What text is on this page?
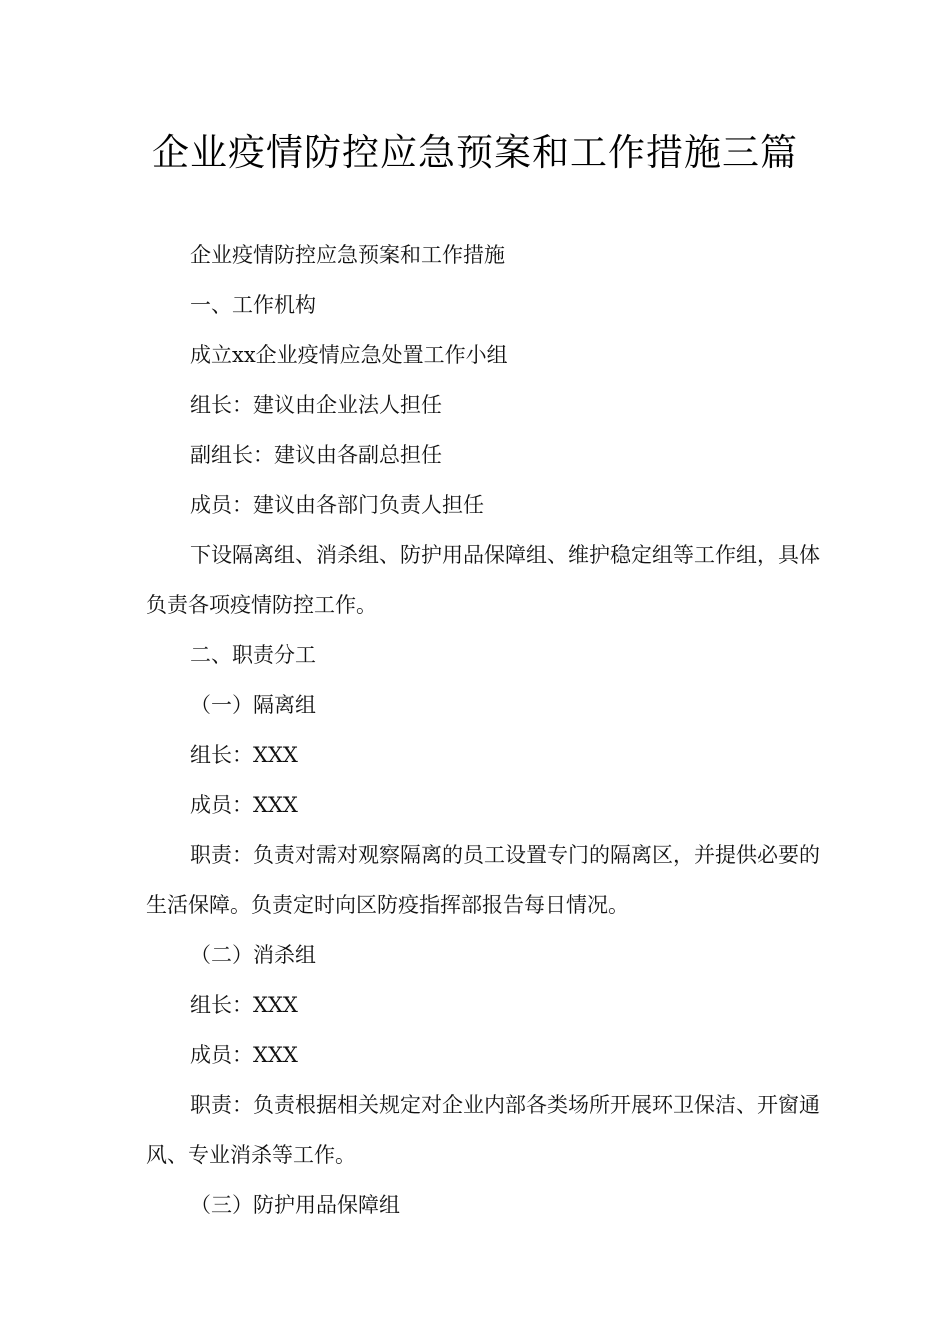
企业疫情防控应急预案和工作措施三篇

企业疫情防控应急预案和工作措施

一、工作机构

成立xx企业疫情应急处置工作小组

组长：建议由企业法人担任

副组长：建议由各副总担任

成员：建议由各部门负责人担任

下设隔离组、消杀组、防护用品保障组、维护稳定组等工作组，具体负责各项疫情防控工作。

二、职责分工

（一）隔离组

组长：XXX

成员：XXX

职责：负责对需对观察隔离的员工设置专门的隔离区，并提供必要的生活保障。负责定时向区防疫指挥部报告每日情况。

（二）消杀组

组长：XXX

成员：XXX

职责：负责根据相关规定对企业内部各类场所开展环卫保洁、开窗通风、专业消杀等工作。

（三）防护用品保障组
